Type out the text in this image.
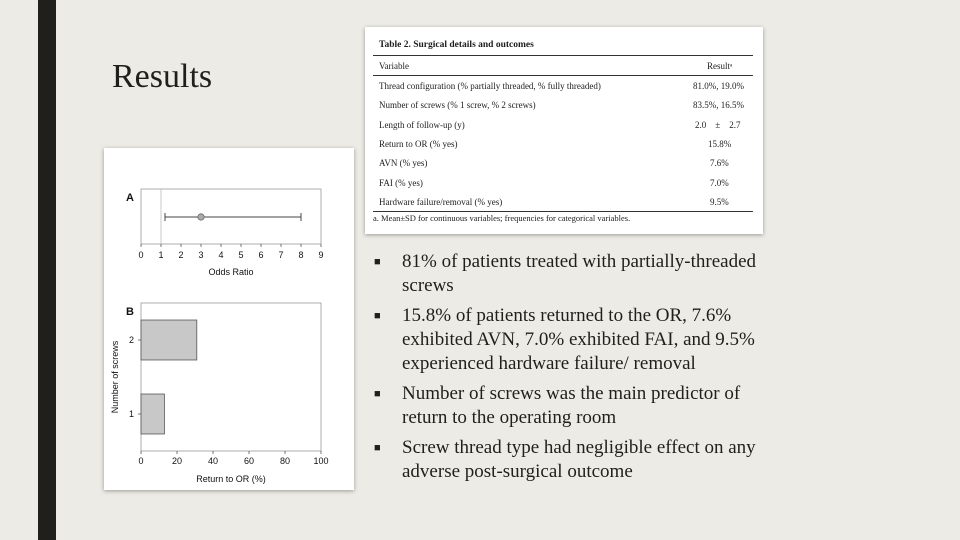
Results
A
0 1 2 3 4 5 6 7 8 9
Odds Ratio
B
1
2
0	20	40	60	80	100
Return to OR (%)
Number of screws
Table 2. Surgical details and outcomes
Variable	Resultᵃ
Thread configuration (% partially threaded, % fully threaded)	81.0%, 19.0%
Number of screws (% 1 screw, % 2 screws)	83.5%, 16.5%
Length of follow-up (y)	2.0    ±    2.7
Return to OR (% yes)	15.8%
AVN (% yes)	7.6%
FAI (% yes)	7.0%
Hardware failure/removal (% yes)	9.5%
a. Mean±SD for continuous variables; frequencies for categorical variables.
■ 81% of patients treated with partially-threaded screws
■ 15.8% of patients returned to the OR, 7.6% exhibited AVN, 7.0% exhibited FAI, and 9.5% experienced hardware failure/ removal
■ Number of screws was the main predictor of return to the operating room
■ Screw thread type had negligible effect on any adverse post-surgical outcome
